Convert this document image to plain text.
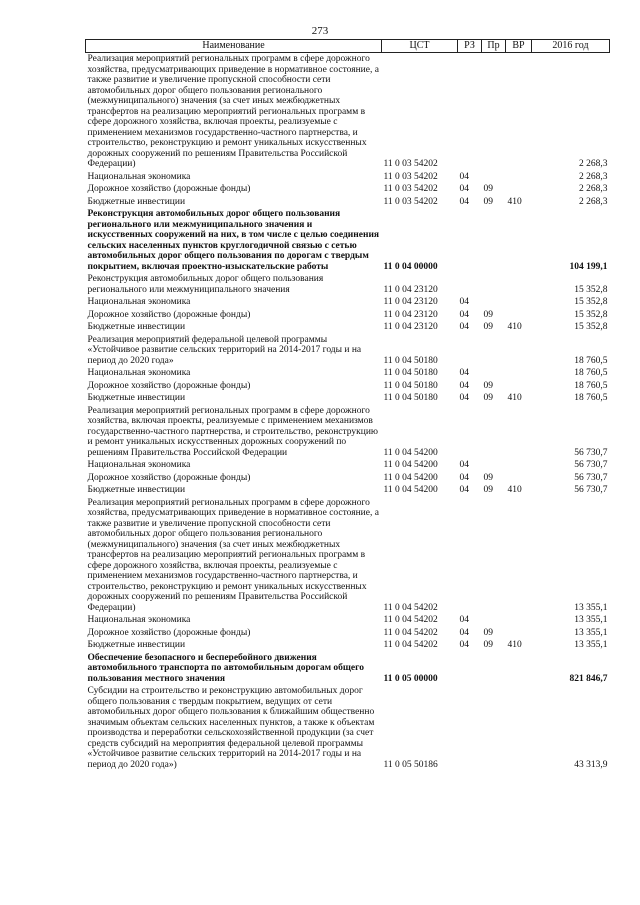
273
Наименование	ЦСТ	РЗ	Пр	ВР	2016 год
Реализация мероприятий региональных программ в сфере дорожного хозяйства, предусматривающих приведение в нормативное состояние, а также развитие и увеличение пропускной способности сети автомобильных дорог общего пользования регионального (межмуниципального) значения (за счет иных межбюджетных трансфертов на реализацию мероприятий региональных программ в сфере дорожного хозяйства, включая проекты, реализуемые с применением механизмов государственно-частного партнерства, и строительство, реконструкцию и ремонт уникальных искусственных дорожных сооружений по решениям Правительства Российской Федерации)	11 0 03 54202				2 268,3
Национальная экономика	11 0 03 54202	04			2 268,3
Дорожное хозяйство (дорожные фонды)	11 0 03 54202	04	09		2 268,3
Бюджетные инвестиции	11 0 03 54202	04	09	410	2 268,3
Реконструкция автомобильных дорог общего пользования регионального или межмуниципального значения и искусственных сооружений на них, в том числе с целью соединения сельских населенных пунктов круглогодичной связью с сетью автомобильных дорог общего пользования по дорогам с твердым покрытием, включая проектно-изыскательские работы	11 0 04 00000				104 199,1
Реконструкция автомобильных дорог общего пользования регионального или межмуниципального значения	11 0 04 23120				15 352,8
Национальная экономика	11 0 04 23120	04			15 352,8
Дорожное хозяйство (дорожные фонды)	11 0 04 23120	04	09		15 352,8
Бюджетные инвестиции	11 0 04 23120	04	09	410	15 352,8
Реализация мероприятий федеральной целевой программы «Устойчивое развитие сельских территорий на 2014-2017 годы и на период до 2020 года»	11 0 04 50180				18 760,5
Национальная экономика	11 0 04 50180	04			18 760,5
Дорожное хозяйство (дорожные фонды)	11 0 04 50180	04	09		18 760,5
Бюджетные инвестиции	11 0 04 50180	04	09	410	18 760,5
Реализация мероприятий региональных программ в сфере дорожного хозяйства, включая проекты, реализуемые с применением механизмов государственно-частного партнерства, и строительство, реконструкцию и ремонт уникальных искусственных дорожных сооружений по решениям Правительства Российской Федерации	11 0 04 54200				56 730,7
Национальная экономика	11 0 04 54200	04			56 730,7
Дорожное хозяйство (дорожные фонды)	11 0 04 54200	04	09		56 730,7
Бюджетные инвестиции	11 0 04 54200	04	09	410	56 730,7
Реализация мероприятий региональных программ в сфере дорожного хозяйства, предусматривающих приведение в нормативное состояние, а также развитие и увеличение пропускной способности сети автомобильных дорог общего пользования регионального (межмуниципального) значения (за счет иных межбюджетных трансфертов на реализацию мероприятий региональных программ в сфере дорожного хозяйства, включая проекты, реализуемые с применением механизмов государственно-частного партнерства, и строительство, реконструкцию и ремонт уникальных искусственных дорожных сооружений по решениям Правительства Российской Федерации)	11 0 04 54202				13 355,1
Национальная экономика	11 0 04 54202	04			13 355,1
Дорожное хозяйство (дорожные фонды)	11 0 04 54202	04	09		13 355,1
Бюджетные инвестиции	11 0 04 54202	04	09	410	13 355,1
Обеспечение безопасного и бесперебойного движения автомобильного транспорта по автомобильным дорогам общего пользования местного значения	11 0 05 00000				821 846,7
Субсидии на строительство и реконструкцию автомобильных дорог общего пользования с твердым покрытием, ведущих от сети автомобильных дорог общего пользования к ближайшим общественно значимым объектам сельских населенных пунктов, а также к объектам производства и переработки сельскохозяйственной продукции (за счет средств субсидий на мероприятия федеральной целевой программы «Устойчивое развитие сельских территорий на 2014-2017 годы и на период до 2020 года»)	11 0 05 50186				43 313,9
